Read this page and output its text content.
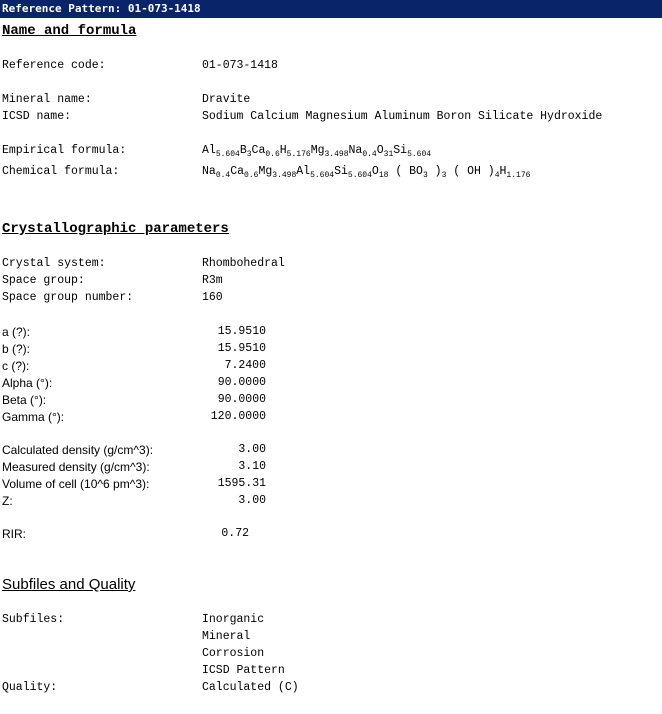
Reference Pattern: 01-073-1418
Name and formula
Reference code:	01-073-1418
Mineral name:	Dravite
ICSD name:	Sodium Calcium Magnesium Aluminum Boron Silicate Hydroxide
Empirical formula:	$Al_{5.604}B_3Ca_{0.6}H_{5.176}Mg_{3.498}Na_{0.4}O_{31}Si_{5.604}$
Chemical formula:	$Na_{0.4}Ca_{0.6}Mg_{3.498}Al_{5.604}Si_{5.604}O_{18}$ ( $BO_3$ )$_3$ ( OH )$_4H_{1.176}$
Crystallographic parameters
Crystal system:	Rhombohedral
Space group:	R3m
Space group number:	160
a (?):	15.9510
b (?):	15.9510
c (?):	7.2400
Alpha (°):	90.0000
Beta (°):	90.0000
Gamma (°):	120.0000
Calculated density (g/cm^3):	3.00
Measured density (g/cm^3):	3.10
Volume of cell (10^6 pm^3):	1595.31
Z:	3.00
RIR:	0.72
Subfiles and Quality
Subfiles:	Inorganic
Mineral
Corrosion
ICSD Pattern
Quality:	Calculated (C)
